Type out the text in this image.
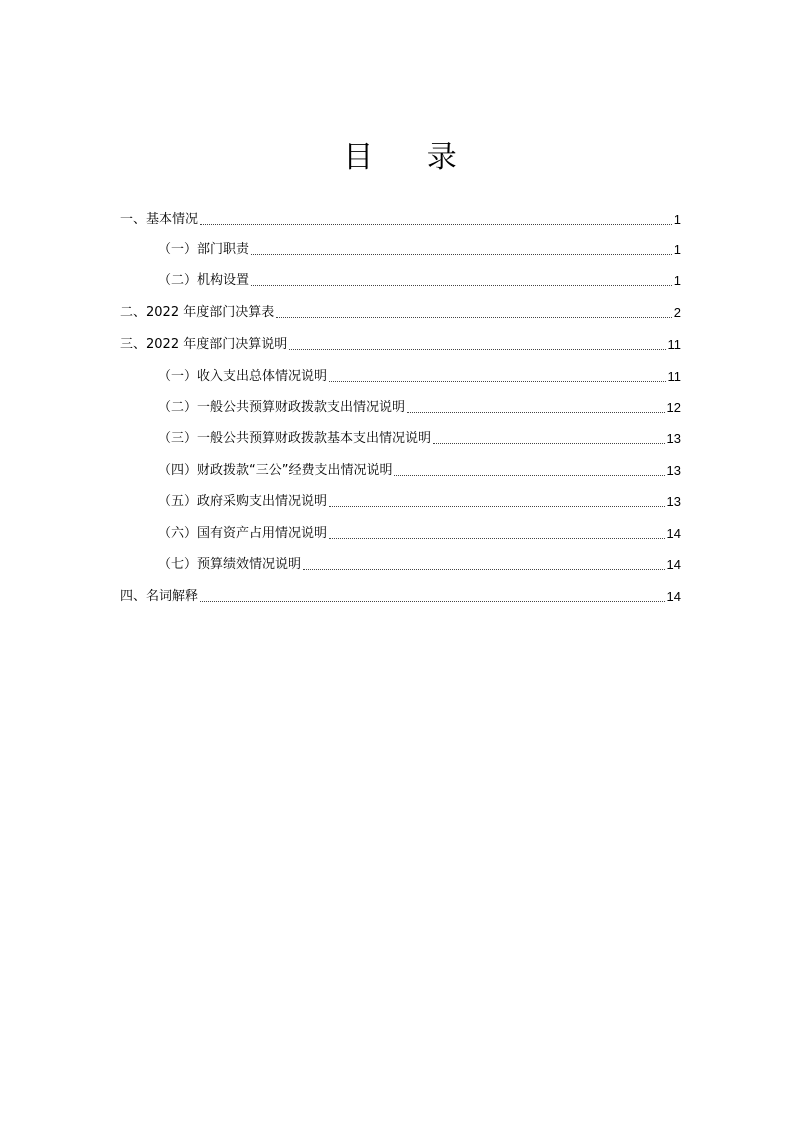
目 录
一、基本情况	1
（一）部门职责	1
（二）机构设置	1
二、2022 年度部门决算表	2
三、2022 年度部门决算说明	11
（一）收入支出总体情况说明	11
（二）一般公共预算财政拨款支出情况说明	12
（三）一般公共预算财政拨款基本支出情况说明	13
（四）财政拨款“三公”经费支出情况说明	13
（五）政府采购支出情况说明	13
（六）国有资产占用情况说明	14
（七）预算绩效情况说明	14
四、名词解释	14
